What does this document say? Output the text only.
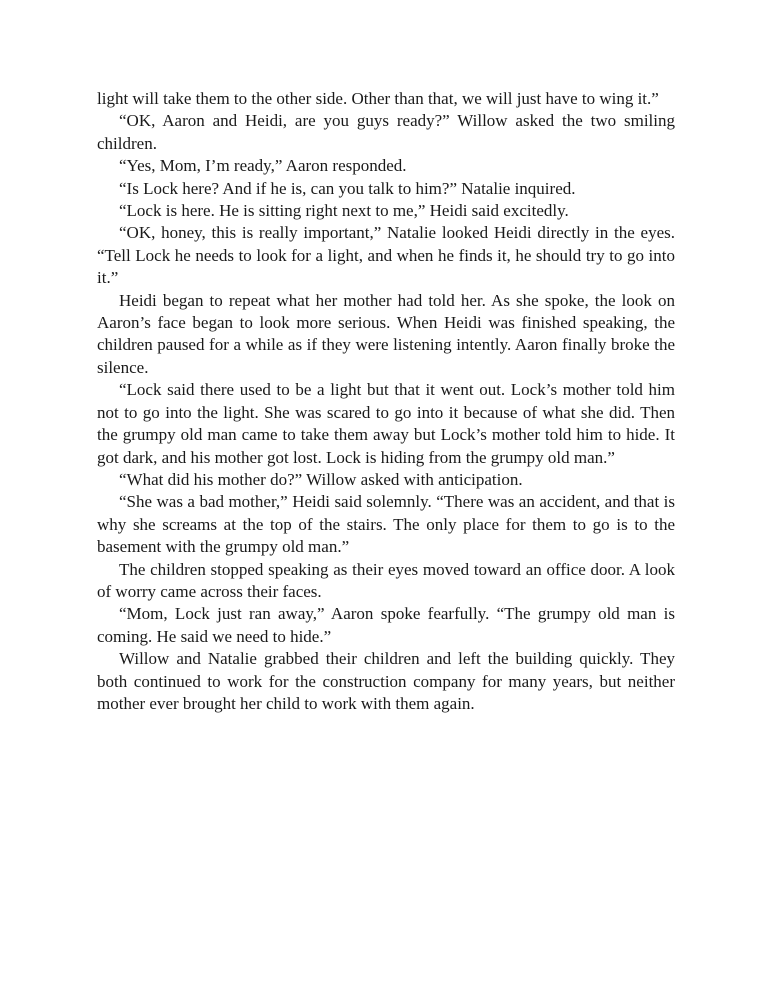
light will take them to the other side. Other than that, we will just have to wing it.”

“OK, Aaron and Heidi, are you guys ready?” Willow asked the two smiling children.

“Yes, Mom, I’m ready,” Aaron responded.

“Is Lock here? And if he is, can you talk to him?” Natalie inquired.

“Lock is here. He is sitting right next to me,” Heidi said excitedly.

“OK, honey, this is really important,” Natalie looked Heidi directly in the eyes. “Tell Lock he needs to look for a light, and when he finds it, he should try to go into it.”

Heidi began to repeat what her mother had told her. As she spoke, the look on Aaron’s face began to look more serious. When Heidi was finished speaking, the children paused for a while as if they were listening intently. Aaron finally broke the silence.

“Lock said there used to be a light but that it went out. Lock’s mother told him not to go into the light. She was scared to go into it because of what she did. Then the grumpy old man came to take them away but Lock’s mother told him to hide. It got dark, and his mother got lost. Lock is hiding from the grumpy old man.”

“What did his mother do?” Willow asked with anticipation.

“She was a bad mother,” Heidi said solemnly. “There was an accident, and that is why she screams at the top of the stairs. The only place for them to go is to the basement with the grumpy old man.”

The children stopped speaking as their eyes moved toward an office door. A look of worry came across their faces.

“Mom, Lock just ran away,” Aaron spoke fearfully. “The grumpy old man is coming. He said we need to hide.”

Willow and Natalie grabbed their children and left the building quickly. They both continued to work for the construction company for many years, but neither mother ever brought her child to work with them again.
